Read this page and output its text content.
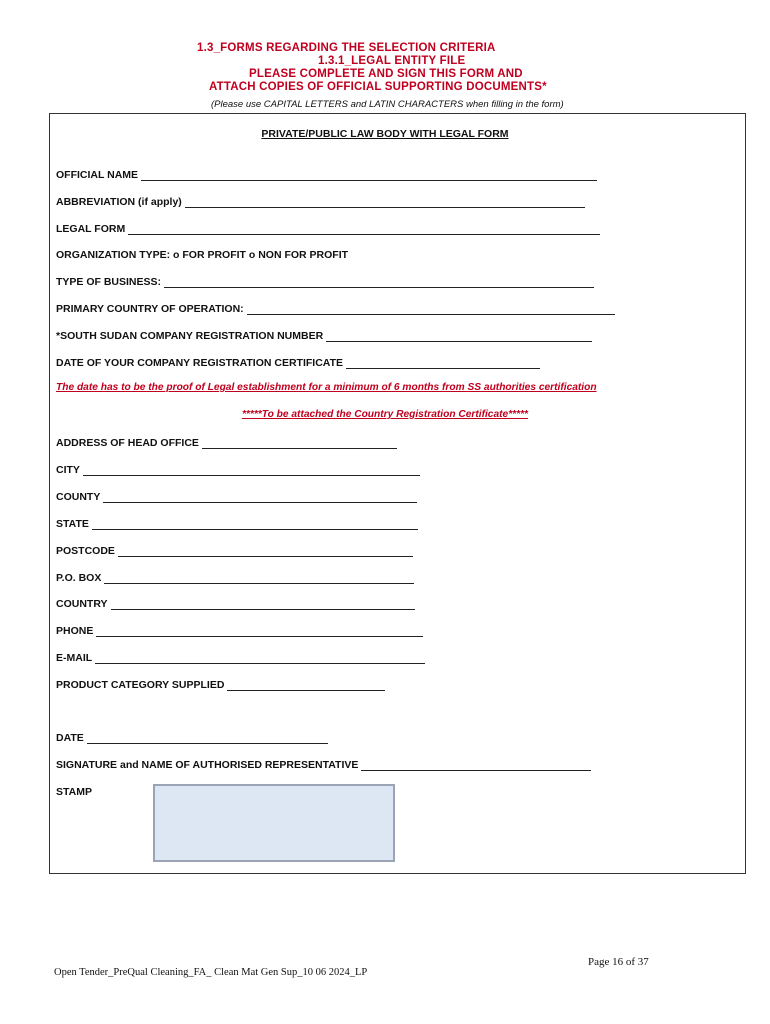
1.3_FORMS REGARDING THE SELECTION CRITERIA
1.3.1_LEGAL ENTITY FILE
PLEASE COMPLETE AND SIGN THIS FORM AND
ATTACH COPIES OF OFFICIAL SUPPORTING DOCUMENTS*
(Please use CAPITAL LETTERS and LATIN CHARACTERS when filling in the form)
PRIVATE/PUBLIC LAW BODY WITH LEGAL FORM
OFFICIAL NAME
ABBREVIATION (if apply)
LEGAL FORM
ORGANIZATION TYPE: o FOR PROFIT o NON FOR PROFIT
TYPE OF BUSINESS:
PRIMARY COUNTRY OF OPERATION:
*SOUTH SUDAN COMPANY REGISTRATION NUMBER
DATE OF YOUR COMPANY REGISTRATION CERTIFICATE
The date has to be the proof of Legal establishment for a minimum of 6 months from SS authorities certification
*****To be attached the Country Registration Certificate*****
ADDRESS OF HEAD OFFICE
CITY
COUNTY
STATE
POSTCODE
P.O. BOX
COUNTRY
PHONE
E-MAIL
PRODUCT CATEGORY SUPPLIED
DATE
SIGNATURE and NAME OF AUTHORISED REPRESENTATIVE
STAMP
Page 16 of 37
Open Tender_PreQual Cleaning_FA_ Clean Mat Gen Sup_10 06 2024_LP
